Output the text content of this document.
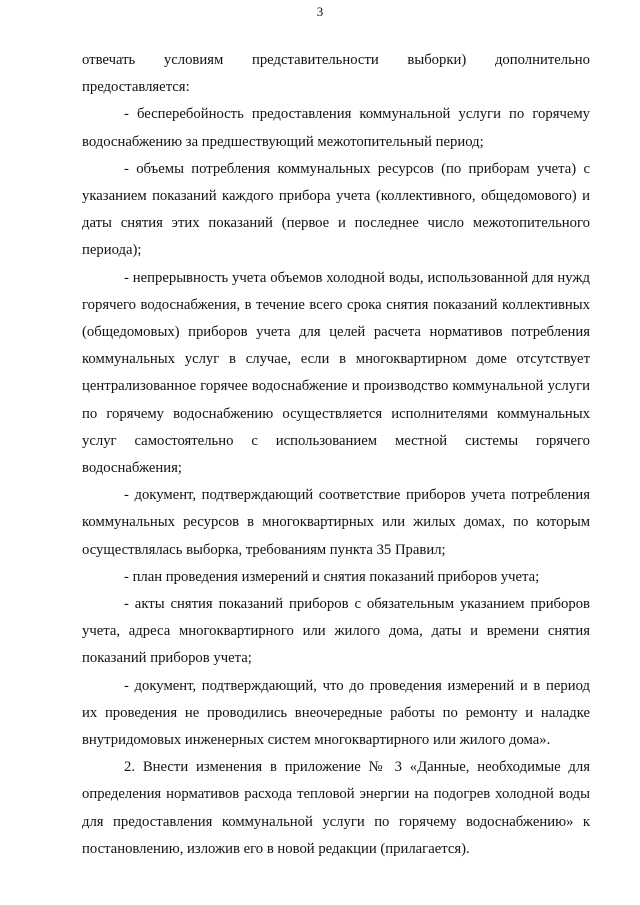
3

отвечать условиям представительности выборки) дополнительно предоставляется:

- бесперебойность предоставления коммунальной услуги по горячему водоснабжению за предшествующий межотопительный период;

- объемы потребления коммунальных ресурсов (по приборам учета) с указанием показаний каждого прибора учета (коллективного, общедомового) и даты снятия этих показаний (первое и последнее число межотопительного периода);

- непрерывность учета объемов холодной воды, использованной для нужд горячего водоснабжения, в течение всего срока снятия показаний коллективных (общедомовых) приборов учета для целей расчета нормативов потребления коммунальных услуг в случае, если в многоквартирном доме отсутствует централизованное горячее водоснабжение и производство коммунальной услуги по горячему водоснабжению осуществляется исполнителями коммунальных услуг самостоятельно с использованием местной системы горячего водоснабжения;

- документ, подтверждающий соответствие приборов учета потребления коммунальных ресурсов в многоквартирных или жилых домах, по которым осуществлялась выборка, требованиям пункта 35 Правил;

- план проведения измерений и снятия показаний приборов учета;

- акты снятия показаний приборов с обязательным указанием приборов учета, адреса многоквартирного или жилого дома, даты и времени снятия показаний приборов учета;

- документ, подтверждающий, что до проведения измерений и в период их проведения не проводились внеочередные работы по ремонту и наладке внутридомовых инженерных систем многоквартирного или жилого дома».

2. Внести изменения в приложение № 3 «Данные, необходимые для определения нормативов расхода тепловой энергии на подогрев холодной воды для предоставления коммунальной услуги по горячему водоснабжению» к постановлению, изложив его в новой редакции (прилагается).
